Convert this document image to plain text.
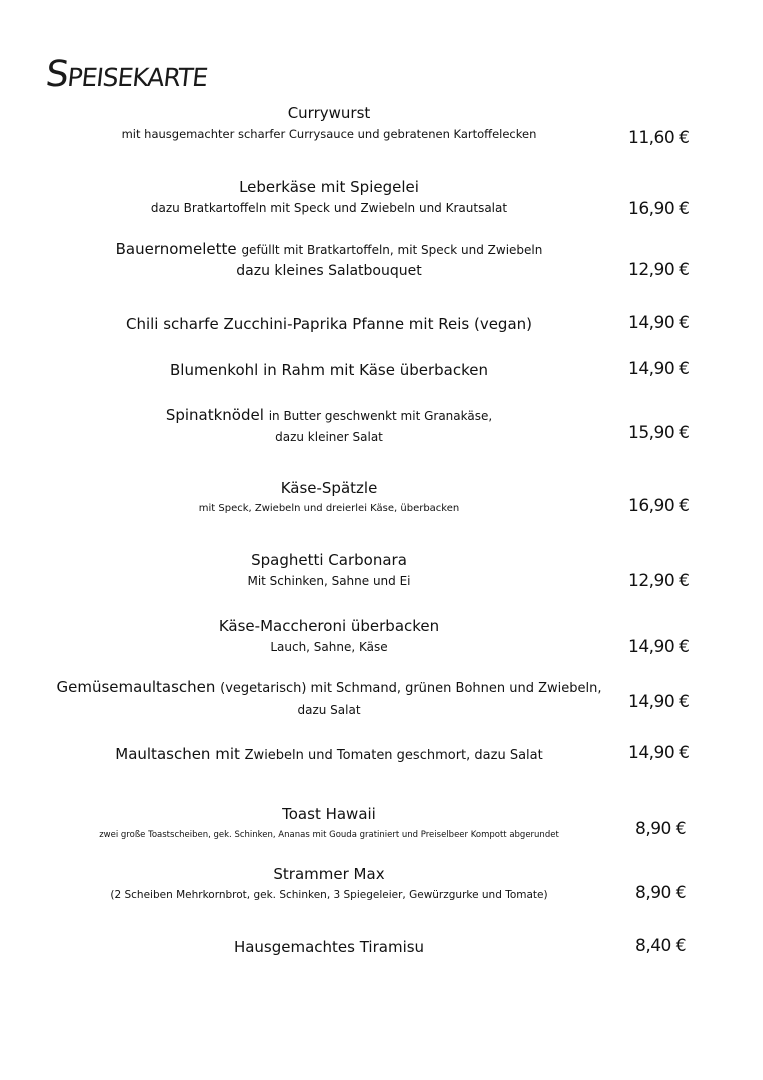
Speisekarte
Currywurst
mit hausgemachter scharfer Currysauce und gebratenen Kartoffelecken	11,60 €
Leberkäse mit Spiegelei
dazu Bratkartoffeln mit Speck und Zwiebeln und Krautsalat	16,90 €
Bauernomelette gefüllt mit Bratkartoffeln, mit Speck und Zwiebeln
dazu kleines Salatbouquet	12,90 €
Chili scharfe Zucchini-Paprika Pfanne mit Reis (vegan)	14,90 €
Blumenkohl in Rahm mit Käse überbacken	14,90 €
Spinatknödel in Butter geschwenkt mit Granakäse,
dazu kleiner Salat	15,90 €
Käse-Spätzle
mit Speck, Zwiebeln und dreierlei Käse, überbacken	16,90 €
Spaghetti Carbonara
Mit Schinken, Sahne und Ei	12,90 €
Käse-Maccheroni überbacken
Lauch, Sahne, Käse	14,90 €
Gemüsemaultaschen (vegetarisch) mit Schmand, grünen Bohnen und Zwiebeln,
dazu Salat	14,90 €
Maultaschen mit Zwiebeln und Tomaten geschmort, dazu Salat	14,90 €
Toast Hawaii
zwei große Toastscheiben, gek. Schinken, Ananas mit Gouda gratiniert und Preiselbeer Kompott abgerundet	8,90 €
Strammer Max
(2 Scheiben Mehrkornbrot, gek. Schinken, 3 Spiegeleier, Gewürzgurke und Tomate)	8,90 €
Hausgemachtes Tiramisu	8,40 €
